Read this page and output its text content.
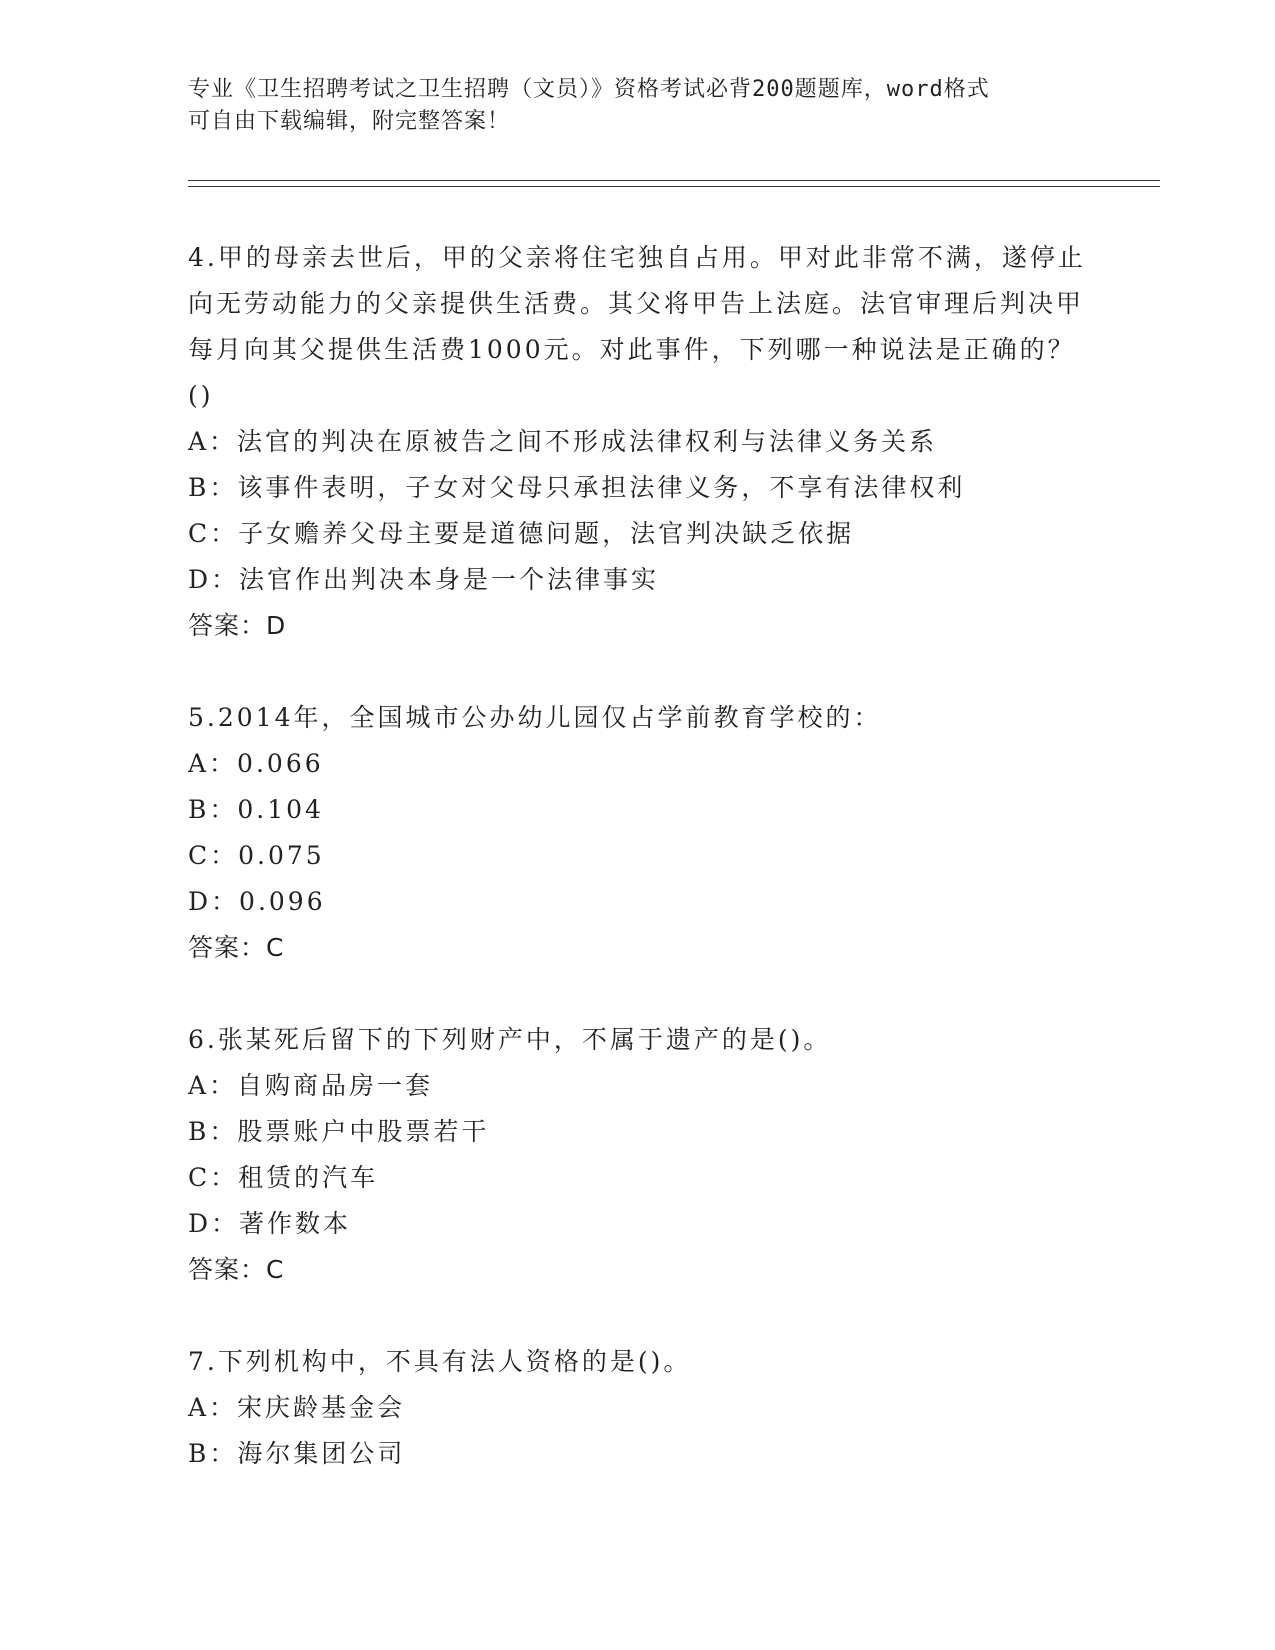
专业《卫生招聘考试之卫生招聘（文员）》资格考试必背200题题库，word格式
可自由下载编辑，附完整答案！

4.甲的母亲去世后，甲的父亲将住宅独自占用。甲对此非常不满，遂停止向无劳动能力的父亲提供生活费。其父将甲告上法庭。法官审理后判决甲每月向其父提供生活费1000元。对此事件，下列哪一种说法是正确的？()

A：法官的判决在原被告之间不形成法律权利与法律义务关系

B：该事件表明，子女对父母只承担法律义务，不享有法律权利

C：子女赡养父母主要是道德问题，法官判决缺乏依据

D：法官作出判决本身是一个法律事实

答案：D

5.2014年，全国城市公办幼儿园仅占学前教育学校的：

A：0.066

B：0.104

C：0.075

D：0.096

答案：C

6.张某死后留下的下列财产中，不属于遗产的是()。

A：自购商品房一套

B：股票账户中股票若干

C：租赁的汽车

D：著作数本

答案：C

7.下列机构中，不具有法人资格的是()。

A：宋庆龄基金会

B：海尔集团公司
